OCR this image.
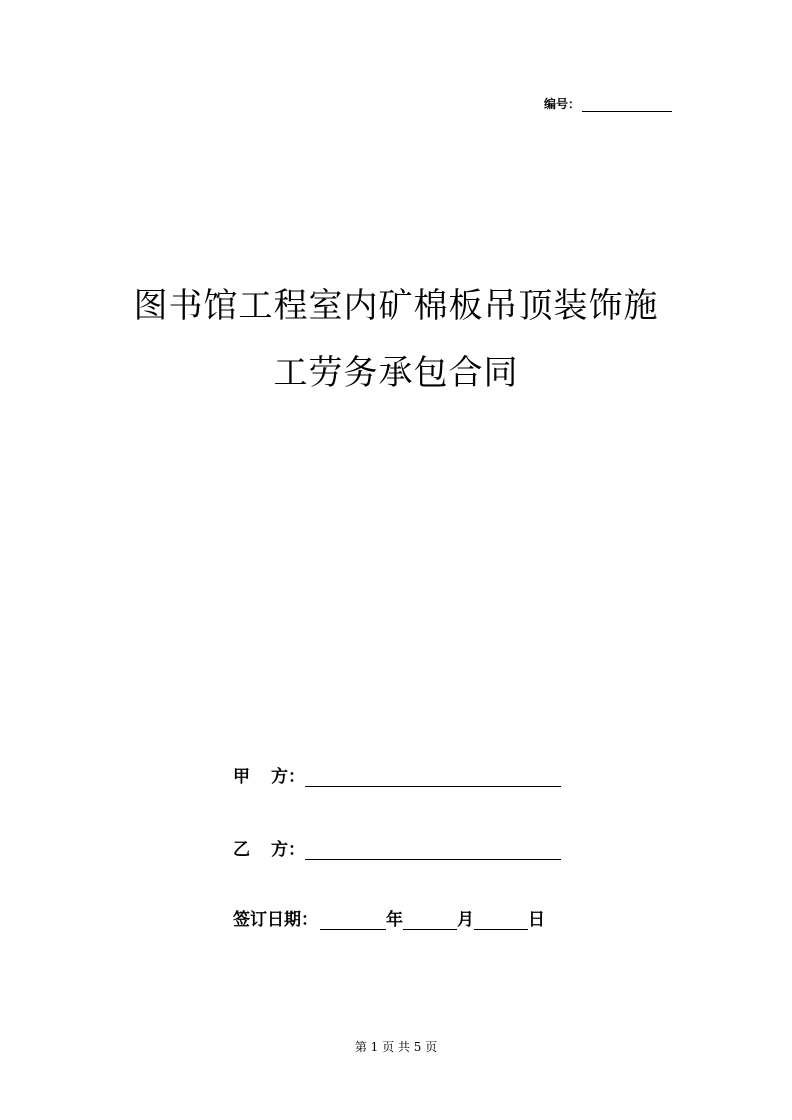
编号：
图书馆工程室内矿棉板吊顶装饰施
工劳务承包合同
甲 方：
乙 方：
签订日期：	年	月	日
第 1 页 共 5 页
